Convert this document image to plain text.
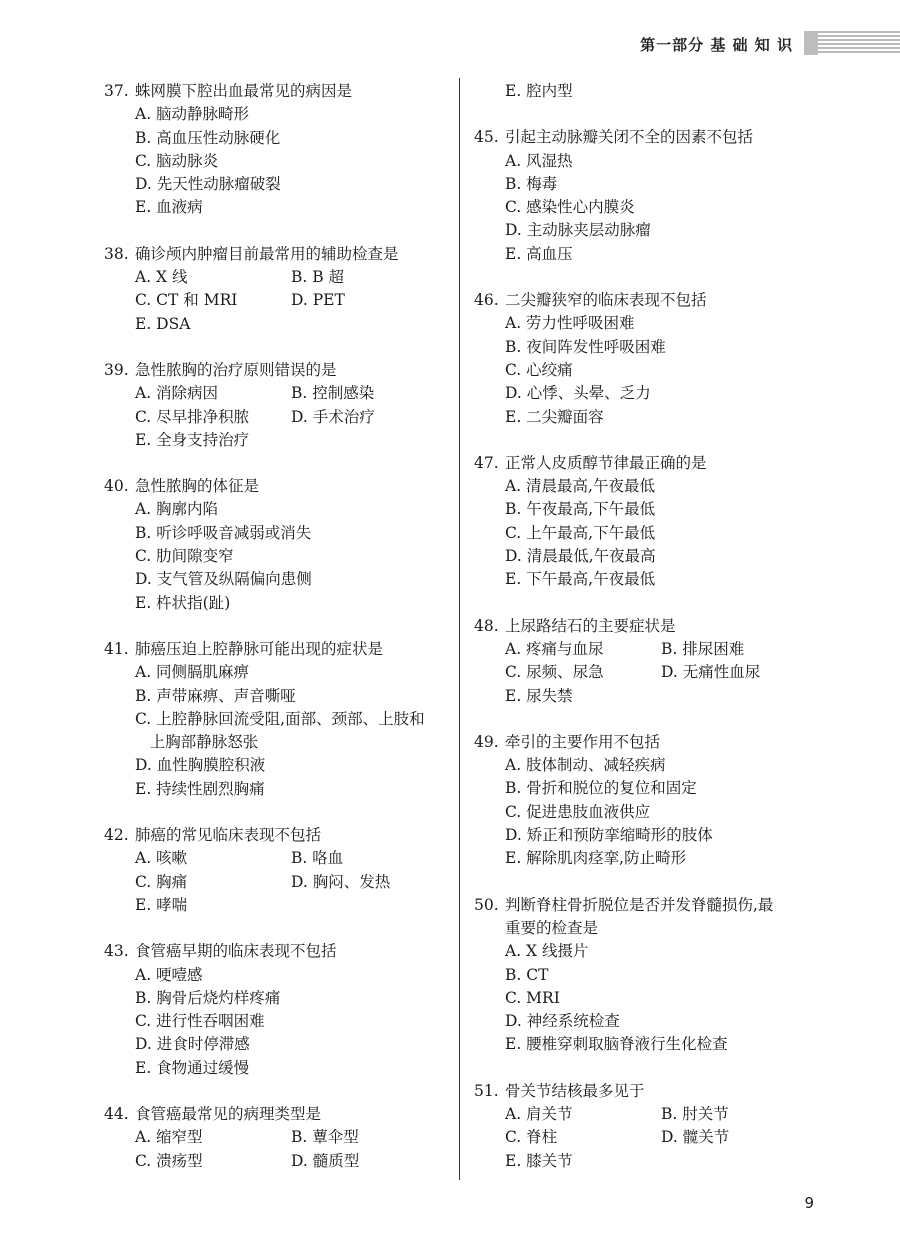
第一部分 基 础 知 识
37. 蛛网膜下腔出血最常见的病因是
A. 脑动静脉畸形
B. 高血压性动脉硬化
C. 脑动脉炎
D. 先天性动脉瘤破裂
E. 血液病
38. 确诊颅内肿瘤目前最常用的辅助检查是
A. X 线	B. B 超
C. CT 和 MRI	D. PET
E. DSA
39. 急性脓胸的治疗原则错误的是
A. 消除病因	B. 控制感染
C. 尽早排净积脓	D. 手术治疗
E. 全身支持治疗
40. 急性脓胸的体征是
A. 胸廓内陷
B. 听诊呼吸音减弱或消失
C. 肋间隙变窄
D. 支气管及纵隔偏向患侧
E. 杵状指(趾)
41. 肺癌压迫上腔静脉可能出现的症状是
A. 同侧膈肌麻痹
B. 声带麻痹、声音嘶哑
C. 上腔静脉回流受阻,面部、颈部、上肢和
上胸部静脉怒张
D. 血性胸膜腔积液
E. 持续性剧烈胸痛
42. 肺癌的常见临床表现不包括
A. 咳嗽	B. 咯血
C. 胸痛	D. 胸闷、发热
E. 哮喘
43. 食管癌早期的临床表现不包括
A. 哽噎感
B. 胸骨后烧灼样疼痛
C. 进行性吞咽困难
D. 进食时停滞感
E. 食物通过缓慢
44. 食管癌最常见的病理类型是
A. 缩窄型	B. 蕈伞型
C. 溃疡型	D. 髓质型
E. 腔内型
45. 引起主动脉瓣关闭不全的因素不包括
A. 风湿热
B. 梅毒
C. 感染性心内膜炎
D. 主动脉夹层动脉瘤
E. 高血压
46. 二尖瓣狭窄的临床表现不包括
A. 劳力性呼吸困难
B. 夜间阵发性呼吸困难
C. 心绞痛
D. 心悸、头晕、乏力
E. 二尖瓣面容
47. 正常人皮质醇节律最正确的是
A. 清晨最高,午夜最低
B. 午夜最高,下午最低
C. 上午最高,下午最低
D. 清晨最低,午夜最高
E. 下午最高,午夜最低
48. 上尿路结石的主要症状是
A. 疼痛与血尿	B. 排尿困难
C. 尿频、尿急	D. 无痛性血尿
E. 尿失禁
49. 牵引的主要作用不包括
A. 肢体制动、减轻疾病
B. 骨折和脱位的复位和固定
C. 促进患肢血液供应
D. 矫正和预防挛缩畸形的肢体
E. 解除肌肉痉挛,防止畸形
50. 判断脊柱骨折脱位是否并发脊髓损伤,最
重要的检查是
A. X 线摄片
B. CT
C. MRI
D. 神经系统检查
E. 腰椎穿刺取脑脊液行生化检查
51. 骨关节结核最多见于
A. 肩关节	B. 肘关节
C. 脊柱	D. 髋关节
E. 膝关节
9
